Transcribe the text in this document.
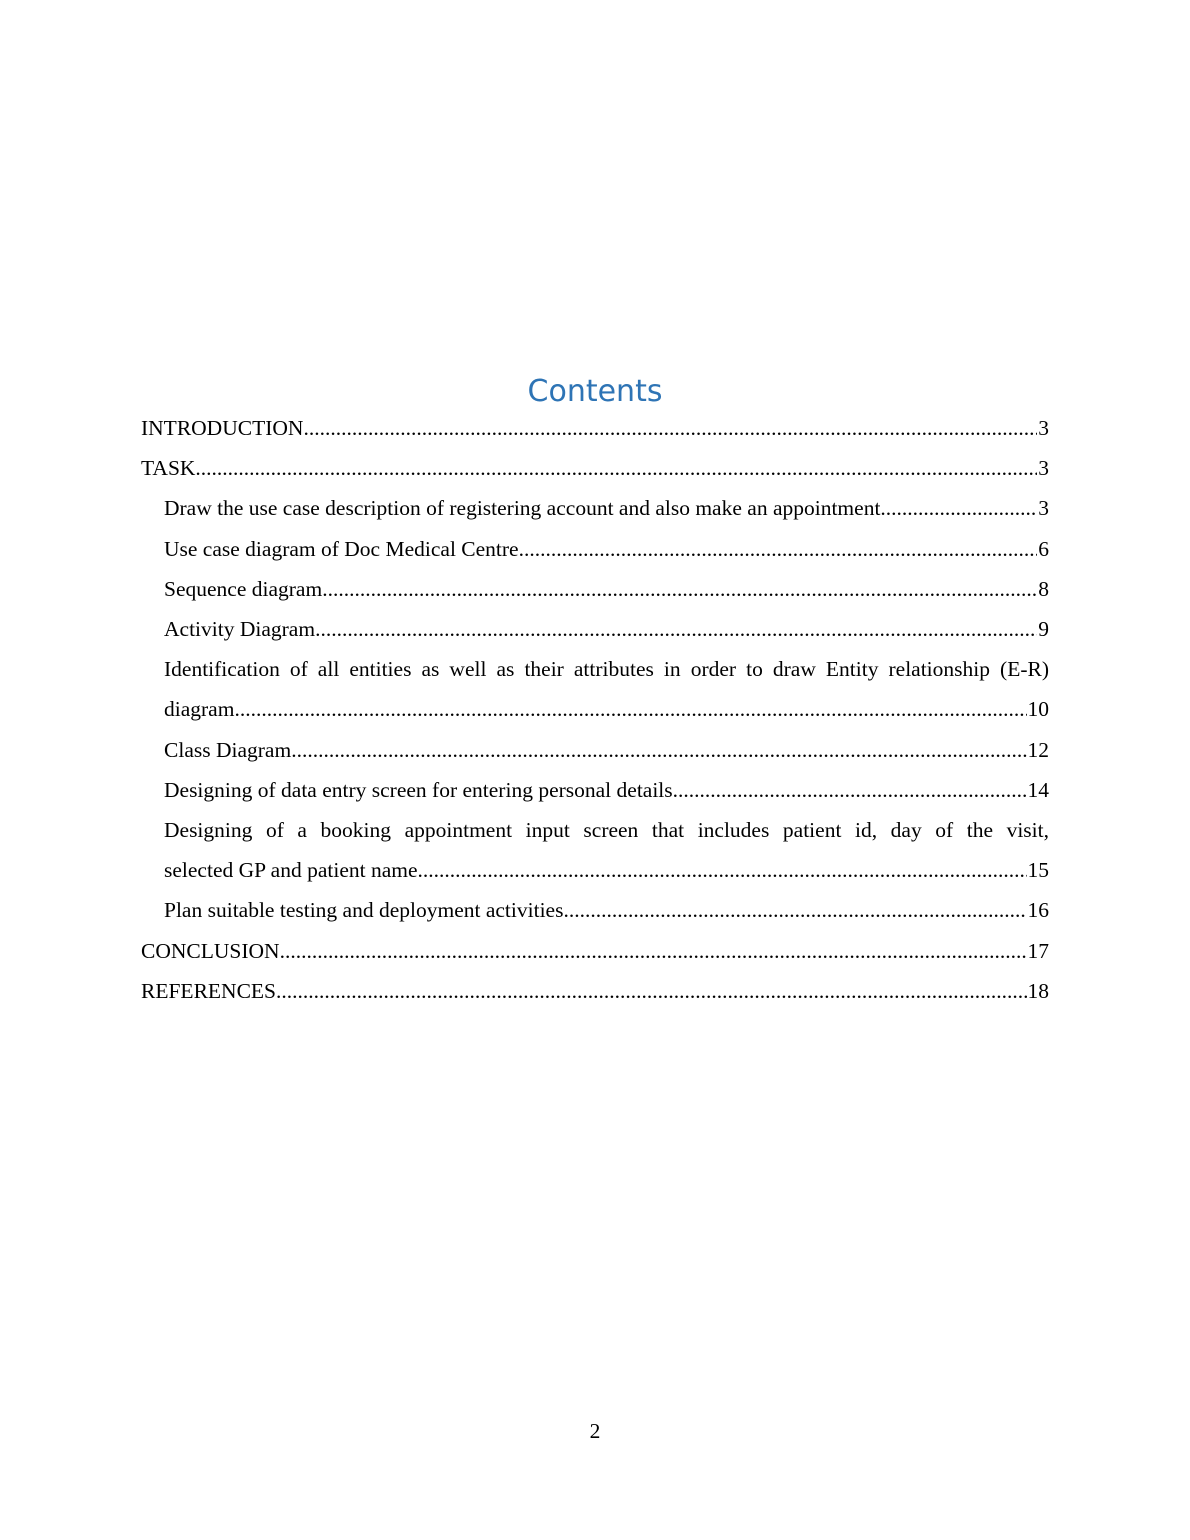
Contents
INTRODUCTION .....	3
TASK .....	3
Draw the use case description of registering account and also make an appointment .....	3
Use case diagram of Doc Medical Centre .....	6
Sequence diagram .....	8
Activity Diagram .....	9
Identification of all entities as well as their attributes in order to draw Entity relationship (E-R)
diagram .....	10
Class Diagram .....	12
Designing of data entry screen for entering personal details .....	14
Designing of a booking appointment input screen that includes patient id, day of the visit,
selected GP and patient name .....	15
Plan suitable testing and deployment activities .....	16
CONCLUSION .....	17
REFERENCES .....	18
2
